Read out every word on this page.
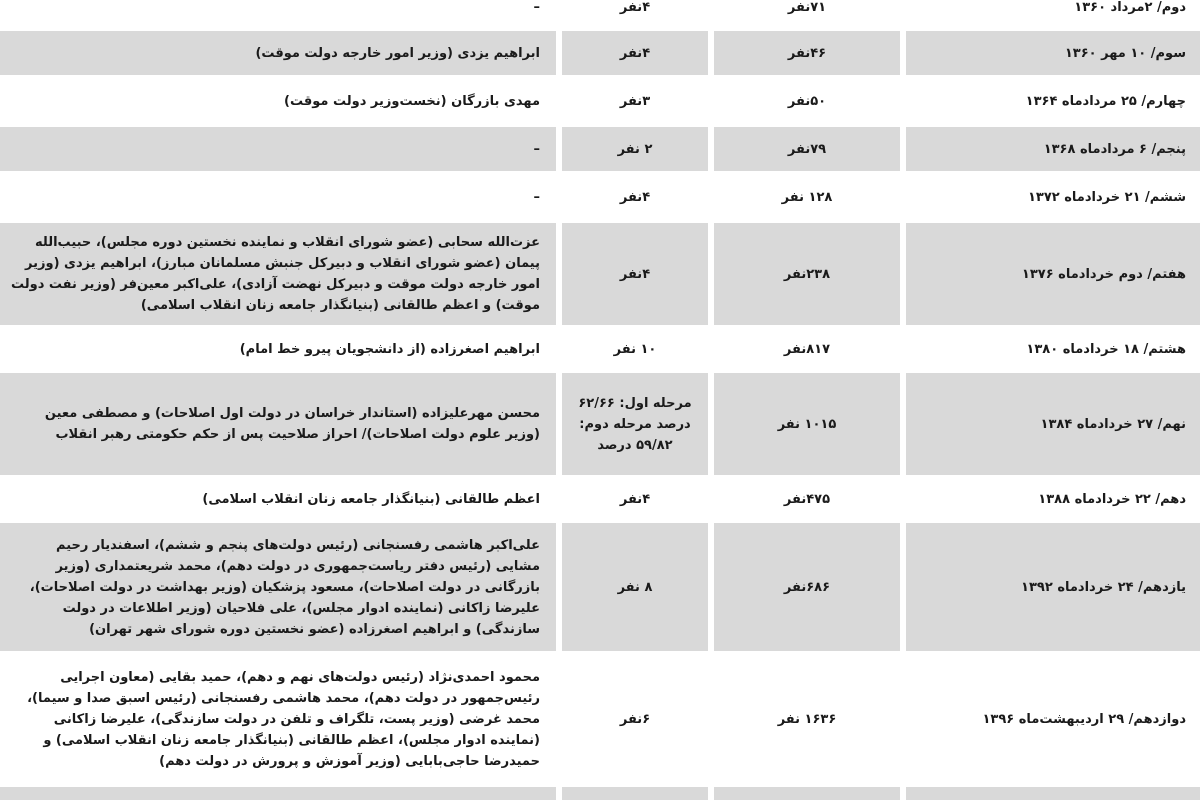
دوم/ ۲مرداد ۱۳۶۰		۷۱نفر		۴نفر		–
سوم/ ۱۰ مهر ۱۳۶۰		۴۶نفر		۴نفر		ابراهیم یزدی (وزیر امور خارجه دولت موقت)
چهارم/ ۲۵ مردادماه ۱۳۶۴		۵۰نفر		۳نفر		مهدی بازرگان (نخست‌وزیر دولت موقت)
پنجم/ ۶ مردادماه ۱۳۶۸		۷۹نفر		۲ نفر		–
ششم/ ۲۱ خردادماه ۱۳۷۲		۱۲۸ نفر		۴نفر		–
هفتم/ دوم خردادماه ۱۳۷۶		۲۳۸نفر		۴نفر		عزت‌الله سحابی (عضو شورای انقلاب و نماینده نخستین دوره مجلس)، حبیب‌الله پیمان (عضو شورای انقلاب و دبیرکل جنبش مسلمانان مبارز)، ابراهیم یزدی (وزیر امور خارجه دولت موقت و دبیرکل نهضت آزادی)، علی‌اکبر معین‌فر (وزیر نفت دولت موقت) و اعظم طالقانی (بنیانگذار جامعه زنان انقلاب اسلامی)
هشتم/ ۱۸ خردادماه ۱۳۸۰		۸۱۷نفر		۱۰ نفر		ابراهیم اصغرزاده (از دانشجویان پیرو خط امام)
نهم/ ۲۷ خردادماه ۱۳۸۴		۱۰۱۵ نفر		مرحله اول: ۶۲/۶۶ درصد مرحله دوم: ۵۹/۸۲ درصد		محسن مهرعلیزاده (استاندار خراسان در دولت اول اصلاحات) و مصطفی معین (وزیر علوم دولت اصلاحات)/ احراز صلاحیت پس از حکم حکومتی رهبر انقلاب
دهم/ ۲۲ خردادماه ۱۳۸۸		۴۷۵نفر		۴نفر		اعظم طالقانی (بنیانگذار جامعه زنان انقلاب اسلامی)
یازدهم/ ۲۴ خردادماه ۱۳۹۲		۶۸۶نفر		۸ نفر		علی‌اکبر هاشمی رفسنجانی (رئیس دولت‌های پنجم و ششم)، اسفندیار رحیم مشایی (رئیس دفتر ریاست‌جمهوری در دولت دهم)، محمد شریعتمداری (وزیر بازرگانی در دولت اصلاحات)، مسعود پزشکیان (وزیر بهداشت در دولت اصلاحات)، علیرضا زاکانی (نماینده ادوار مجلس)، علی فلاحیان (وزیر اطلاعات در دولت سازندگی) و ابراهیم اصغرزاده (عضو نخستین دوره شورای شهر تهران)
دوازدهم/ ۲۹ اردیبهشت‌ماه ۱۳۹۶		۱۶۳۶ نفر		۶نفر		محمود احمدی‌نژاد (رئیس دولت‌های نهم و دهم)، حمید بقایی (معاون اجرایی رئیس‌جمهور در دولت دهم)، محمد هاشمی رفسنجانی (رئیس اسبق صدا و سیما)، محمد غرضی (وزیر پست، تلگراف و تلفن در دولت سازندگی)، علیرضا زاکانی (نماینده ادوار مجلس)، اعظم طالقانی (بنیانگذار جامعه زنان انقلاب اسلامی) و حمیدرضا حاجی‌بابایی (وزیر آموزش و پرورش در دولت دهم)
